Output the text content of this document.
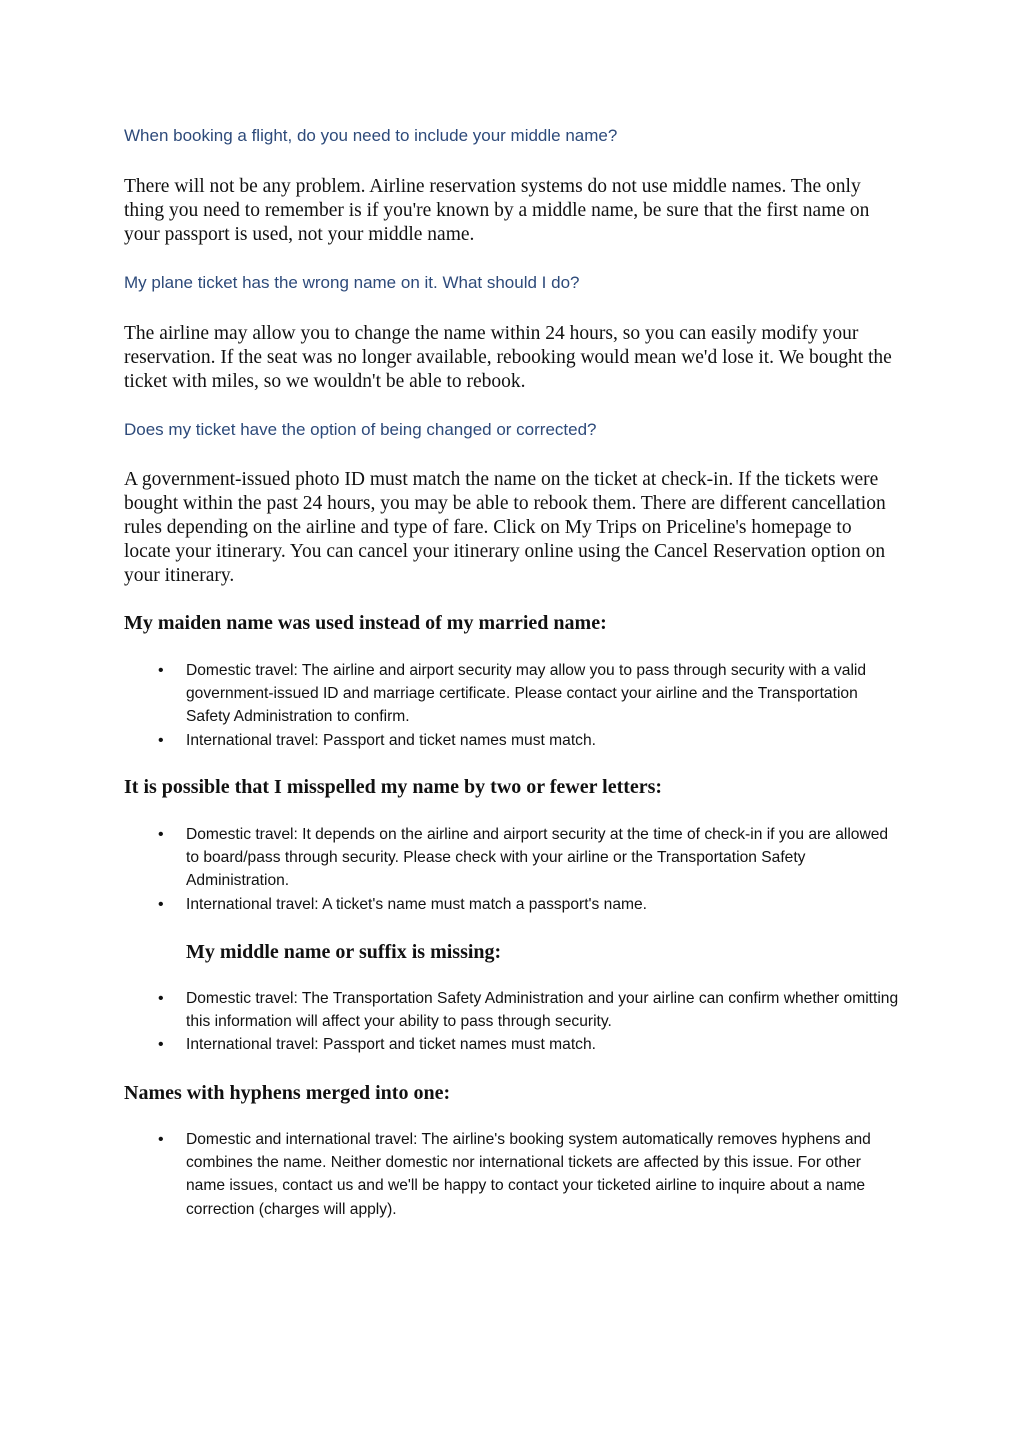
When booking a flight, do you need to include your middle name?

There will not be any problem. Airline reservation systems do not use middle names. The only thing you need to remember is if you're known by a middle name, be sure that the first name on your passport is used, not your middle name.

My plane ticket has the wrong name on it. What should I do?

The airline may allow you to change the name within 24 hours, so you can easily modify your reservation. If the seat was no longer available, rebooking would mean we'd lose it. We bought the ticket with miles, so we wouldn't be able to rebook.

Does my ticket have the option of being changed or corrected?

A government-issued photo ID must match the name on the ticket at check-in. If the tickets were bought within the past 24 hours, you may be able to rebook them. There are different cancellation rules depending on the airline and type of fare. Click on My Trips on Priceline's homepage to locate your itinerary. You can cancel your itinerary online using the Cancel Reservation option on your itinerary.

My maiden name was used instead of my married name:

• Domestic travel: The airline and airport security may allow you to pass through security with a valid government-issued ID and marriage certificate. Please contact your airline and the Transportation Safety Administration to confirm.
• International travel: Passport and ticket names must match.

It is possible that I misspelled my name by two or fewer letters:

• Domestic travel: It depends on the airline and airport security at the time of check-in if you are allowed to board/pass through security. Please check with your airline or the Transportation Safety Administration.
• International travel: A ticket's name must match a passport's name.

My middle name or suffix is missing:

• Domestic travel: The Transportation Safety Administration and your airline can confirm whether omitting this information will affect your ability to pass through security.
• International travel: Passport and ticket names must match.

Names with hyphens merged into one:

• Domestic and international travel: The airline's booking system automatically removes hyphens and combines the name. Neither domestic nor international tickets are affected by this issue. For other name issues, contact us and we'll be happy to contact your ticketed airline to inquire about a name correction (charges will apply).
